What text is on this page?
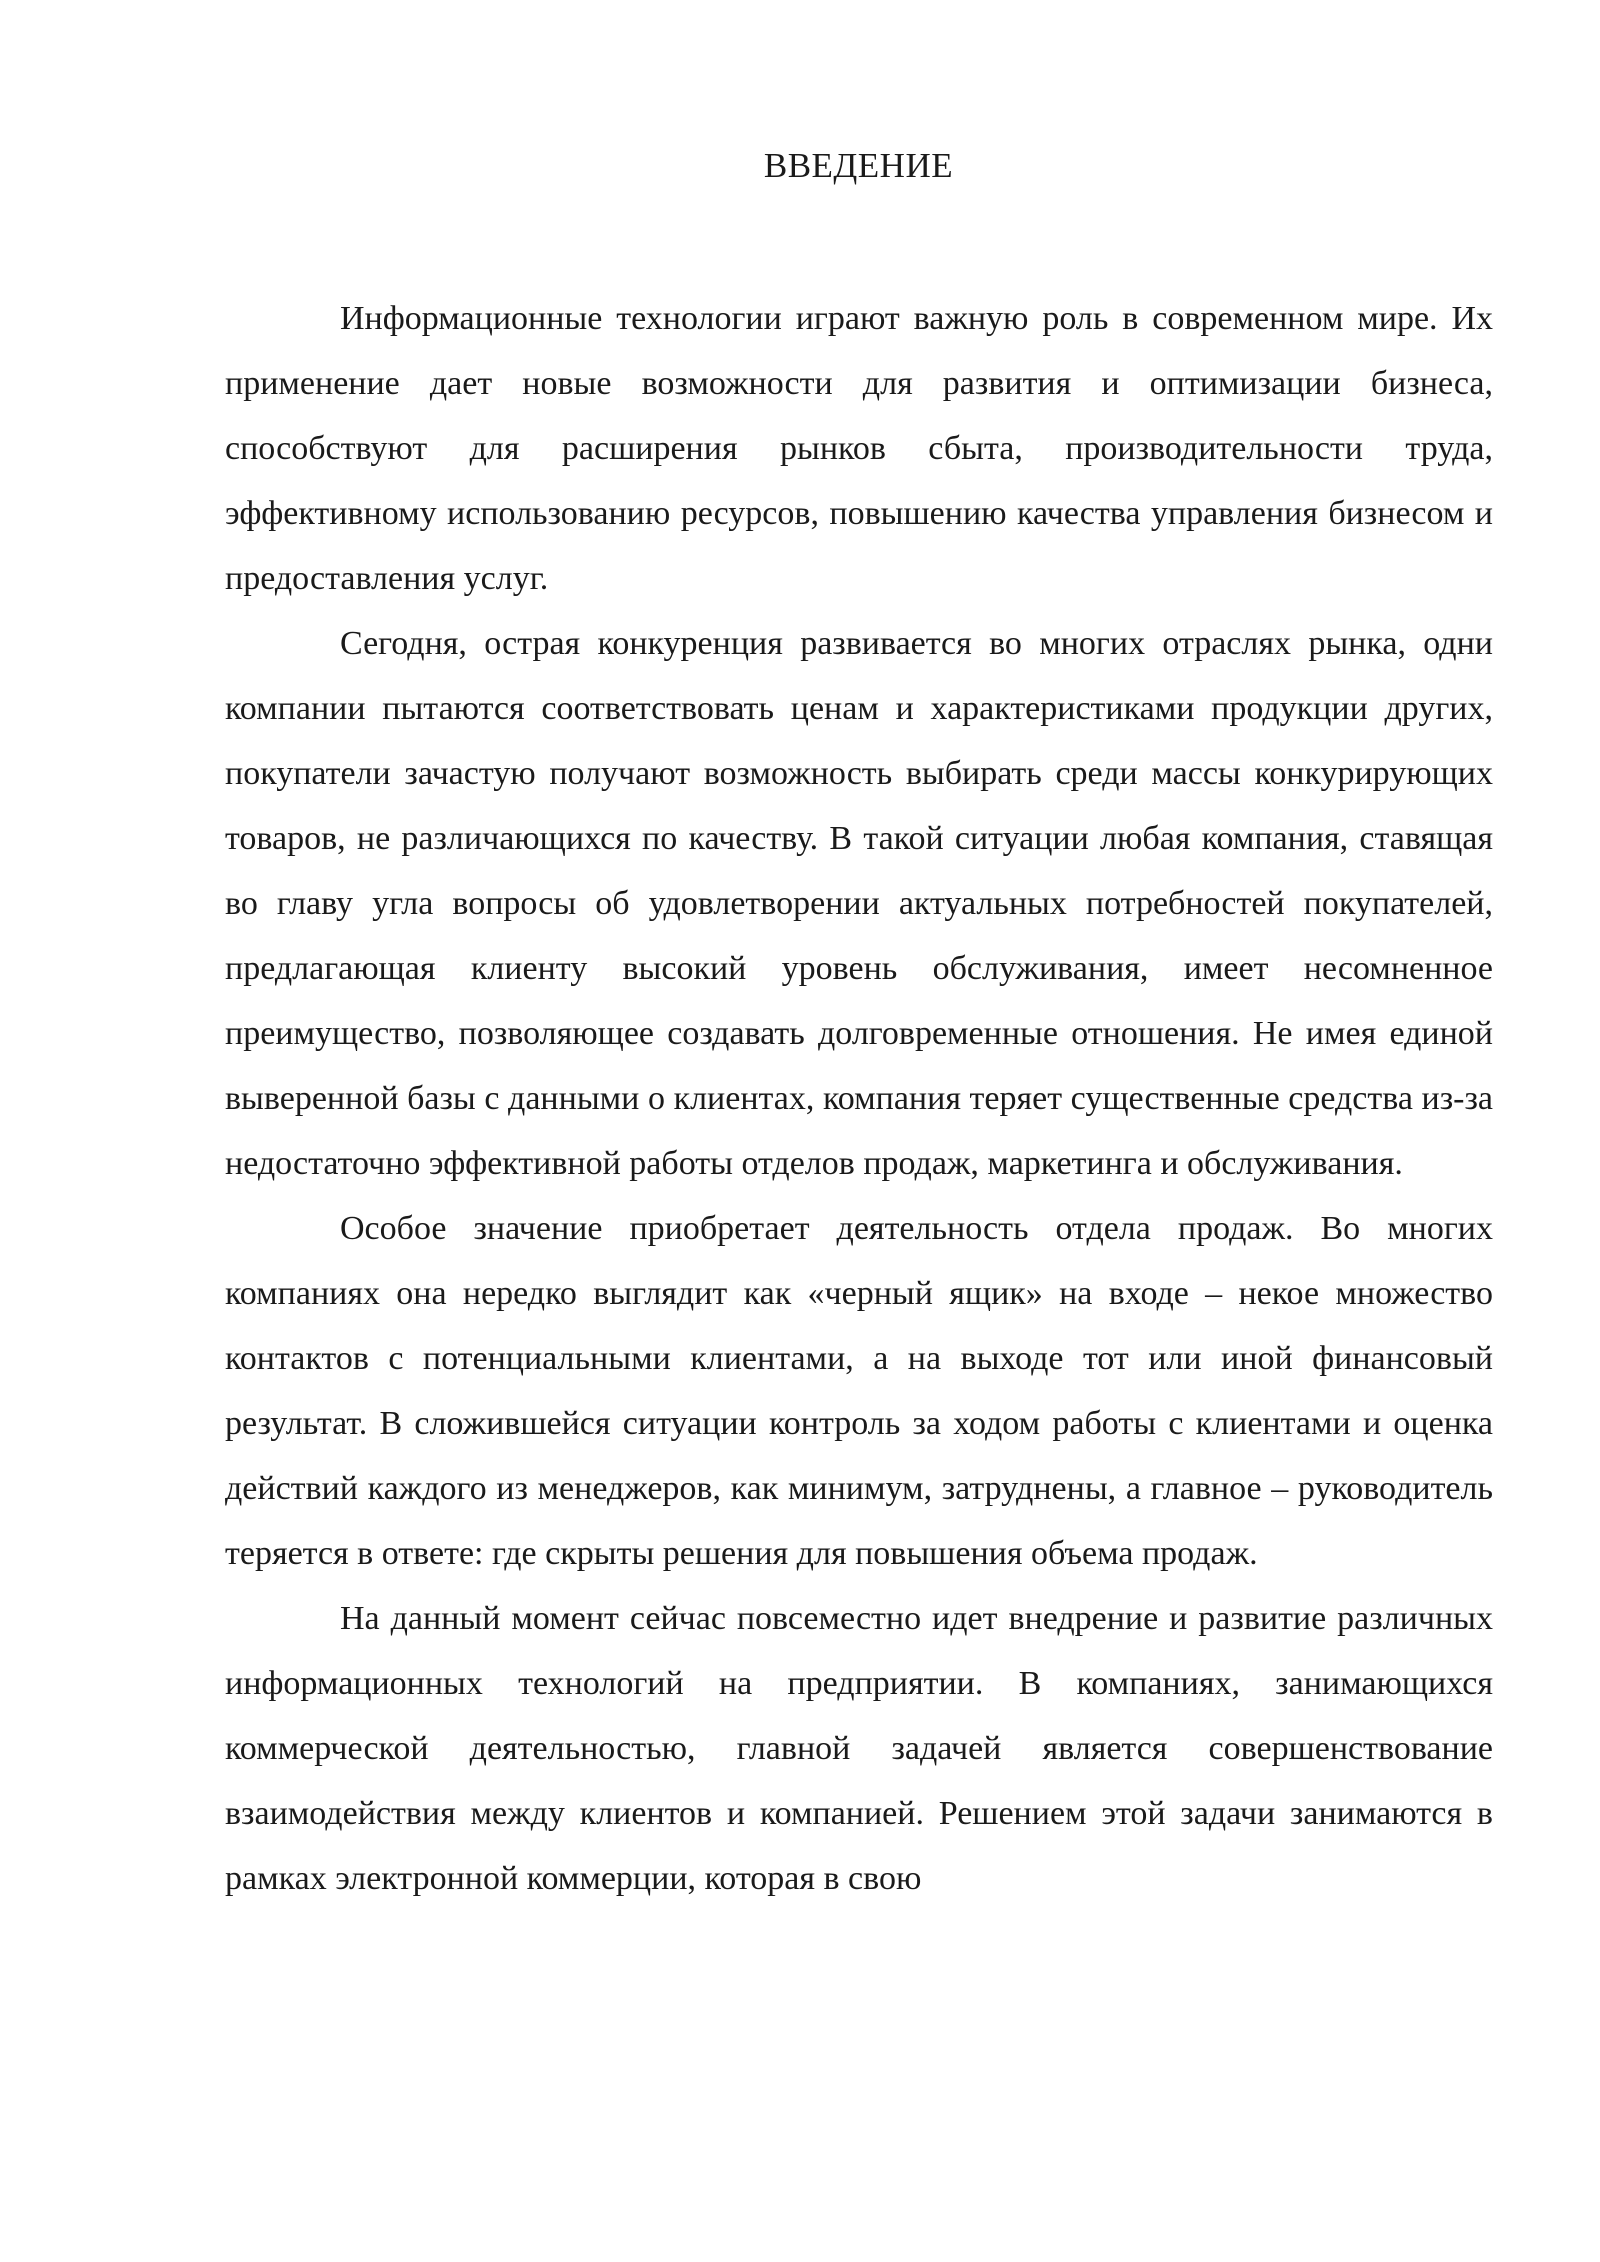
ВВЕДЕНИЕ

Информационные технологии играют важную роль в современном мире. Их применение дает новые возможности для развития и оптимизации бизнеса, способствуют для расширения рынков сбыта, производительности труда, эффективному использованию ресурсов, повышению качества управления бизнесом и предоставления услуг.

Сегодня, острая конкуренция развивается во многих отраслях рынка, одни компании пытаются соответствовать ценам и характеристиками продукции других, покупатели зачастую получают возможность выбирать среди массы конкурирующих товаров, не различающихся по качеству. В такой ситуации любая компания, ставящая во главу угла вопросы об удовлетворении актуальных потребностей покупателей, предлагающая клиенту высокий уровень обслуживания, имеет несомненное преимущество, позволяющее создавать долговременные отношения. Не имея единой выверенной базы с данными о клиентах, компания теряет существенные средства из-за недостаточно эффективной работы отделов продаж, маркетинга и обслуживания.

Особое значение приобретает деятельность отдела продаж. Во многих компаниях она нередко выглядит как «черный ящик» на входе – некое множество контактов с потенциальными клиентами, а на выходе тот или иной финансовый результат. В сложившейся ситуации контроль за ходом работы с клиентами и оценка действий каждого из менеджеров, как минимум, затруднены, а главное – руководитель теряется в ответе: где скрыты решения для повышения объема продаж.

На данный момент сейчас повсеместно идет внедрение и развитие различных информационных технологий на предприятии. В компаниях, занимающихся коммерческой деятельностью, главной задачей является совершенствование взаимодействия между клиентов и компанией. Решением этой задачи занимаются в рамках электронной коммерции, которая в свою
